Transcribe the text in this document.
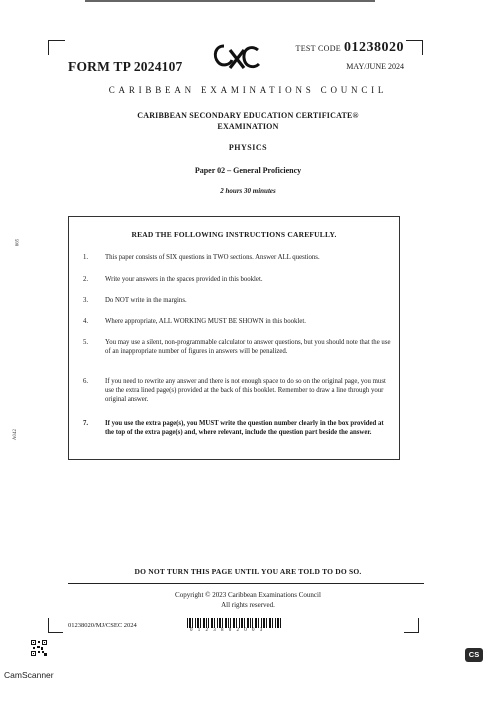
TEST CODE 01238020
FORM TP 2024107	MAY/JUNE 2024
CARIBBEAN EXAMINATIONS COUNCIL
CARIBBEAN SECONDARY EDUCATION CERTIFICATE®
EXAMINATION
PHYSICS
Paper 02 – General Proficiency
2 hours 30 minutes
READ THE FOLLOWING INSTRUCTIONS CAREFULLY.
1. This paper consists of SIX questions in TWO sections. Answer ALL questions.
2. Write your answers in the spaces provided in this booklet.
3. Do NOT write in the margins.
4. Where appropriate, ALL WORKING MUST BE SHOWN in this booklet.
5. You may use a silent, non-programmable calculator to answer questions, but you should note that the use of an inappropriate number of figures in answers will be penalized.
6. If you need to rewrite any answer and there is not enough space to do so on the original page, you must use the extra lined page(s) provided at the back of this booklet. Remember to draw a line through your original answer.
7. If you use the extra page(s), you MUST write the question number clearly in the box provided at the top of the extra page(s) and, where relevant, include the question part beside the answer.
665
A042
DO NOT TURN THIS PAGE UNTIL YOU ARE TOLD TO DO SO.
Copyright © 2023 Caribbean Examinations Council
All rights reserved.
01238020/MJ/CSEC 2024
0 1 2 3 8 0 2 0 0 3
CamScanner
CS
